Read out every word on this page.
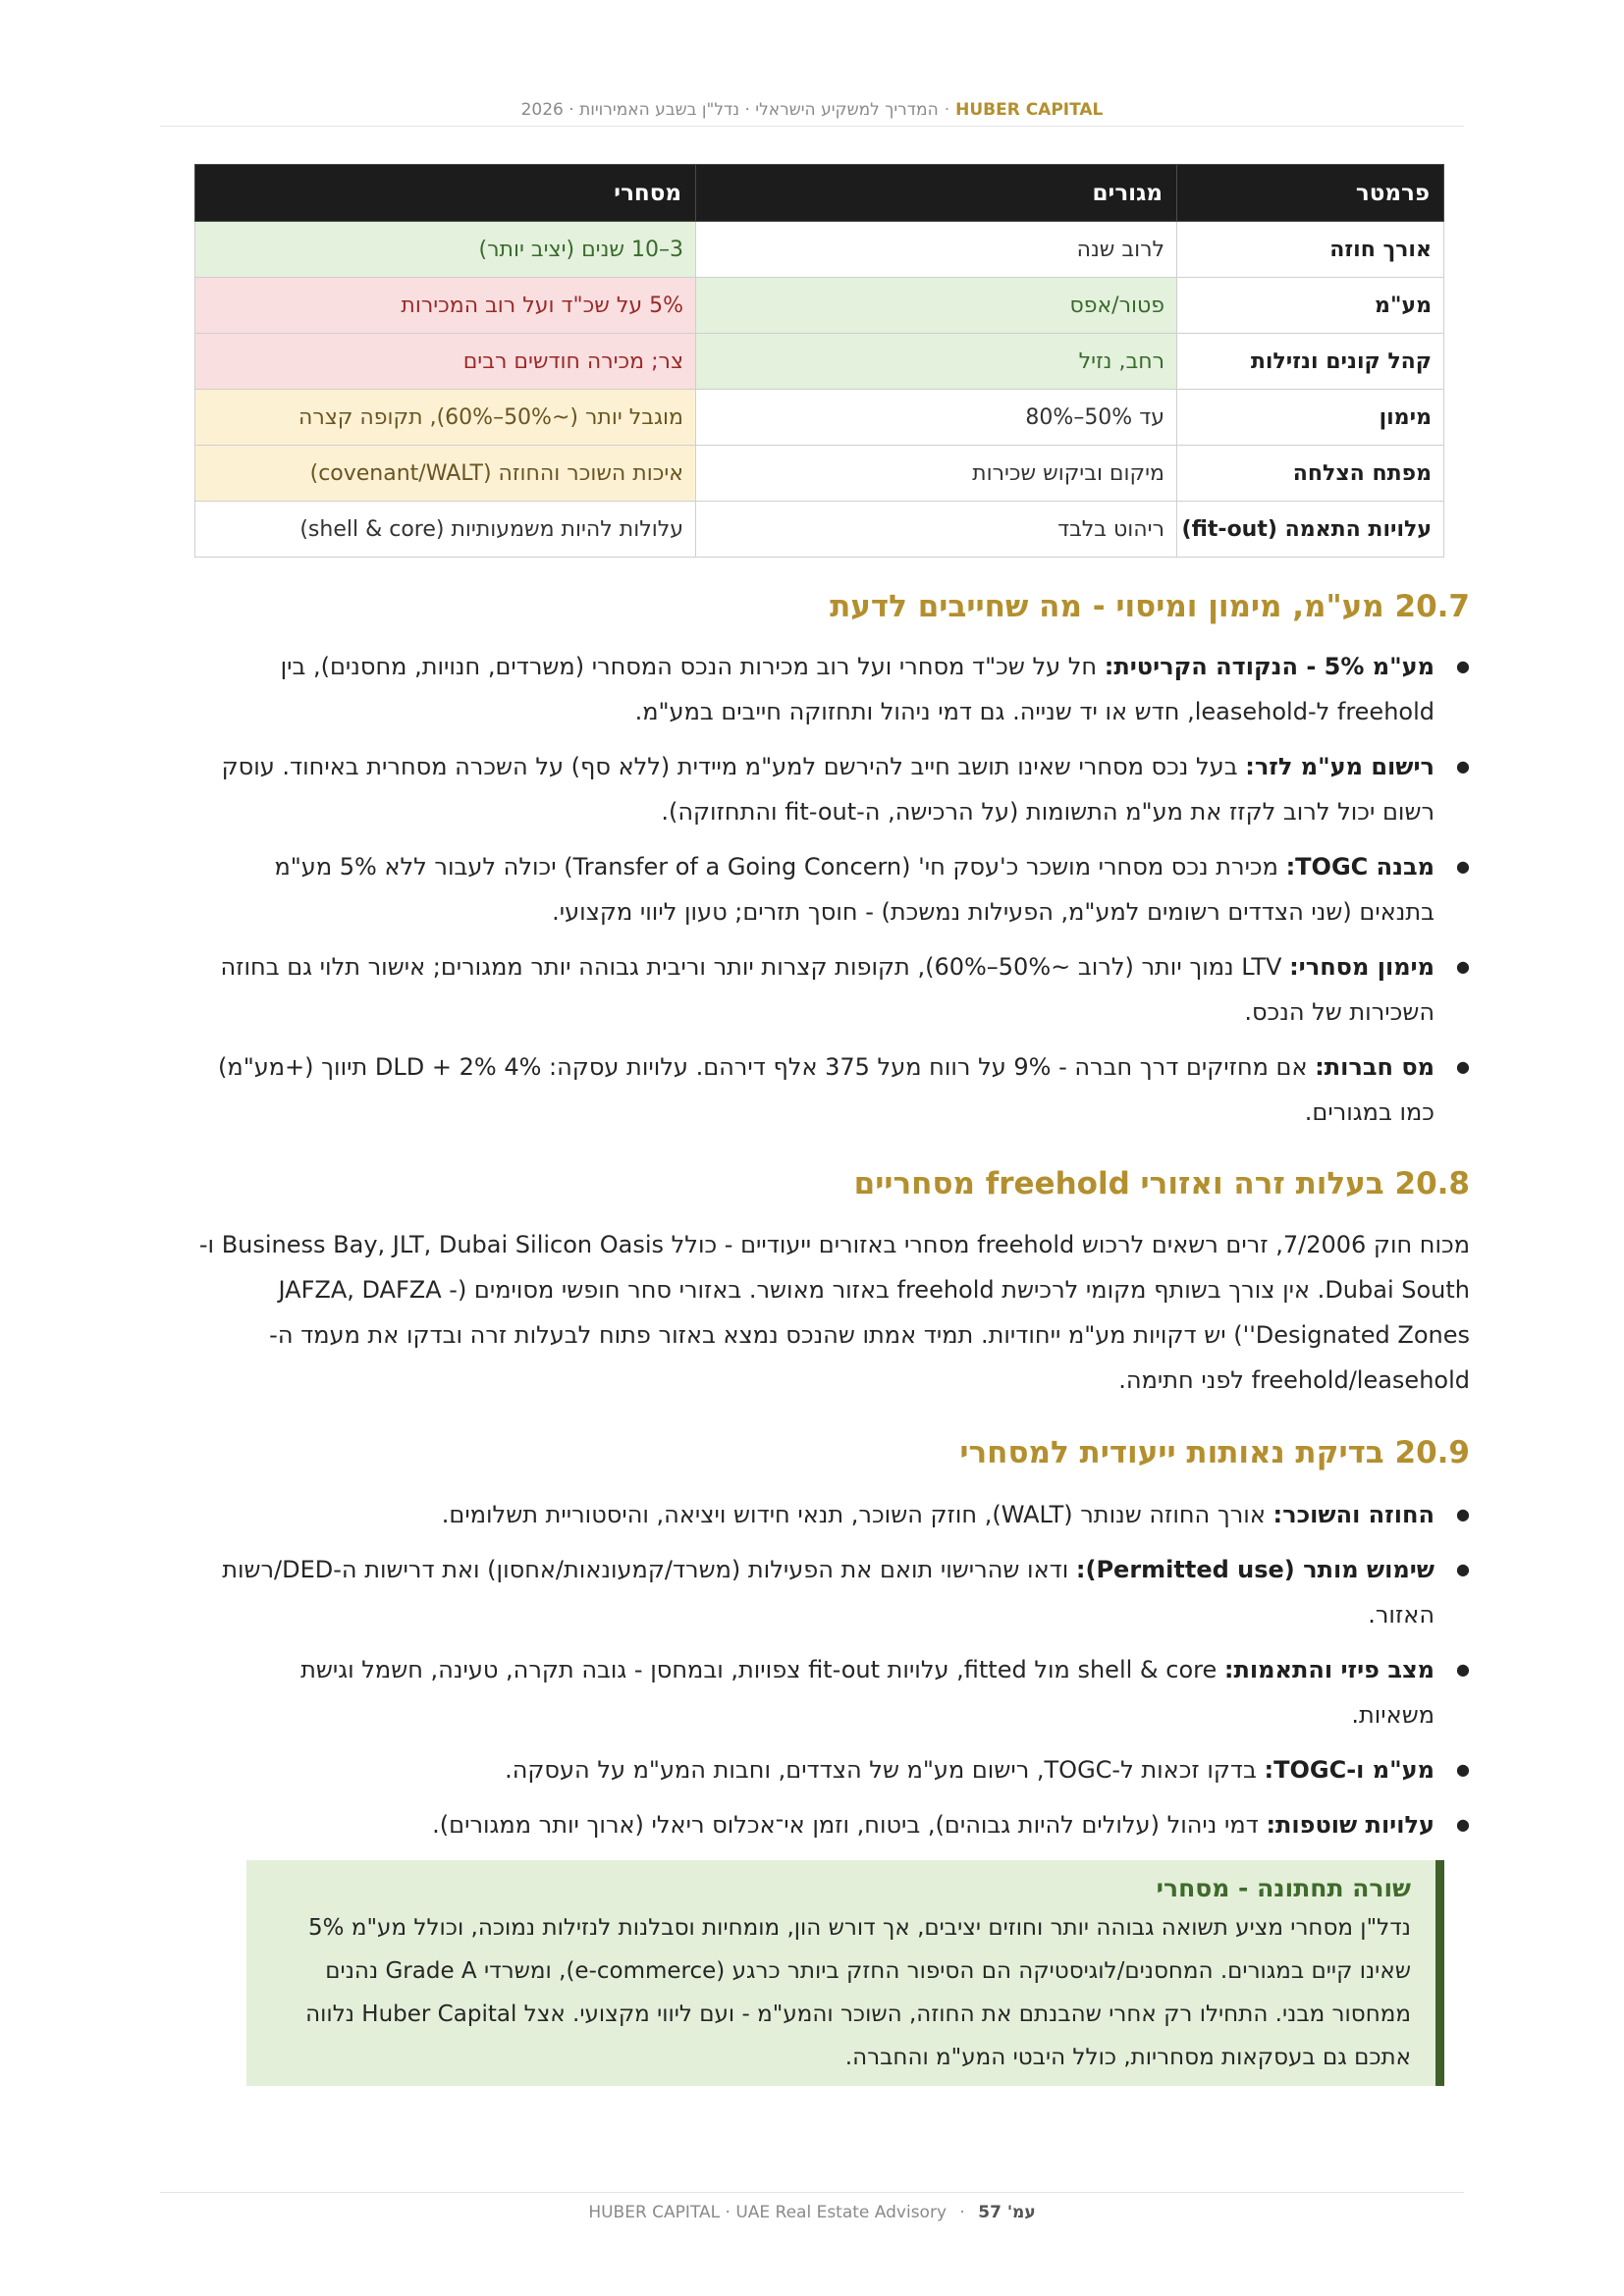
HUBER CAPITAL·המדריך למשקיע הישראלי · נדל"ן בשבע האמירויות · 2026
פרמטר	מגורים	מסחרי
אורך חוזה	לרוב שנה	3–10 שנים (יציב יותר)
מע"מ	פטור/אפס	5% על שכ"ד ועל רוב המכירות
קהל קונים ונזילות	רחב, נזיל	צר; מכירה חודשים רבים
מימון	עד 50%–80%	מוגבל יותר (~50%–60%), תקופה קצרה
מפתח הצלחה	מיקום וביקוש שכירות	איכות השוכר והחוזה (covenant/WALT)
עלויות התאמה (fit-out)	ריהוט בלבד	עלולות להיות משמעותיות (shell & core)
20.7 מע"מ, מימון ומיסוי - מה שחייבים לדעת
● מע"מ 5% - הנקודה הקריטית: חל על שכ"ד מסחרי ועל רוב מכירות הנכס המסחרי (משרדים, חנויות, מחסנים), בין freehold ל-leasehold, חדש או יד שנייה. גם דמי ניהול ותחזוקה חייבים במע"מ.
● רישום מע"מ לזר: בעל נכס מסחרי שאינו תושב חייב להירשם למע"מ מיידית (ללא סף) על השכרה מסחרית באיחוד. עוסק רשום יכול לרוב לקזז את מע"מ התשומות (על הרכישה, ה-fit-out והתחזוקה).
● מבנה TOGC: מכירת נכס מסחרי מושכר כ'עסק חי' (Transfer of a Going Concern) יכולה לעבור ללא 5% מע"מ בתנאים (שני הצדדים רשומים למע"מ, הפעילות נמשכת) - חוסך תזרים; טעון ליווי מקצועי.
● מימון מסחרי: LTV נמוך יותר (לרוב ~50%–60%), תקופות קצרות יותר וריבית גבוהה יותר ממגורים; אישור תלוי גם בחוזה השכירות של הנכס.
● מס חברות: אם מחזיקים דרך חברה - 9% על רווח מעל 375 אלף דירהם. עלויות עסקה: 4% DLD + 2% תיווך (+מע"מ) כמו במגורים.
20.8 בעלות זרה ואזורי freehold מסחריים

מכוח חוק 7/2006, זרים רשאים לרכוש freehold מסחרי באזורים ייעודיים - כולל Business Bay, JLT, Dubai Silicon Oasis ו-Dubai South. אין צורך בשותף מקומי לרכישת freehold באזור מאושר. באזורי סחר חופשי מסוימים (JAFZA, DAFZA - 'Designated Zones') יש דקויות מע"מ ייחודיות. תמיד אמתו שהנכס נמצא באזור פתוח לבעלות זרה ובדקו את מעמד ה-freehold/leasehold לפני חתימה.

20.9 בדיקת נאותות ייעודית למסחרי
● החוזה והשוכר: אורך החוזה שנותר (WALT), חוזק השוכר, תנאי חידוש ויציאה, והיסטוריית תשלומים.
● שימוש מותר (Permitted use): ודאו שהרישוי תואם את הפעילות (משרד/קמעונאות/אחסון) ואת דרישות ה-DED/רשות האזור.
● מצב פיזי והתאמות: shell & core מול fitted, עלויות fit-out צפויות, ובמחסן - גובה תקרה, טעינה, חשמל וגישת משאיות.
● מע"מ ו-TOGC: בדקו זכאות ל-TOGC, רישום מע"מ של הצדדים, וחבות המע"מ על העסקה.
● עלויות שוטפות: דמי ניהול (עלולים להיות גבוהים), ביטוח, וזמן אי־אכלוס ריאלי (ארוך יותר ממגורים).

שורה תחתונה - מסחרי

נדל"ן מסחרי מציע תשואה גבוהה יותר וחוזים יציבים, אך דורש הון, מומחיות וסבלנות לנזילות נמוכה, וכולל מע"מ 5% שאינו קיים במגורים. המחסנים/לוגיסטיקה הם הסיפור החזק ביותר כרגע (e-commerce), ומשרדי Grade A נהנים ממחסור מבני. התחילו רק אחרי שהבנתם את החוזה, השוכר והמע"מ - ועם ליווי מקצועי. אצל Huber Capital נלווה אתכם גם בעסקאות מסחריות, כולל היבטי המע"מ והחברה.

עמ' 57 · HUBER CAPITAL · UAE Real Estate Advisory
